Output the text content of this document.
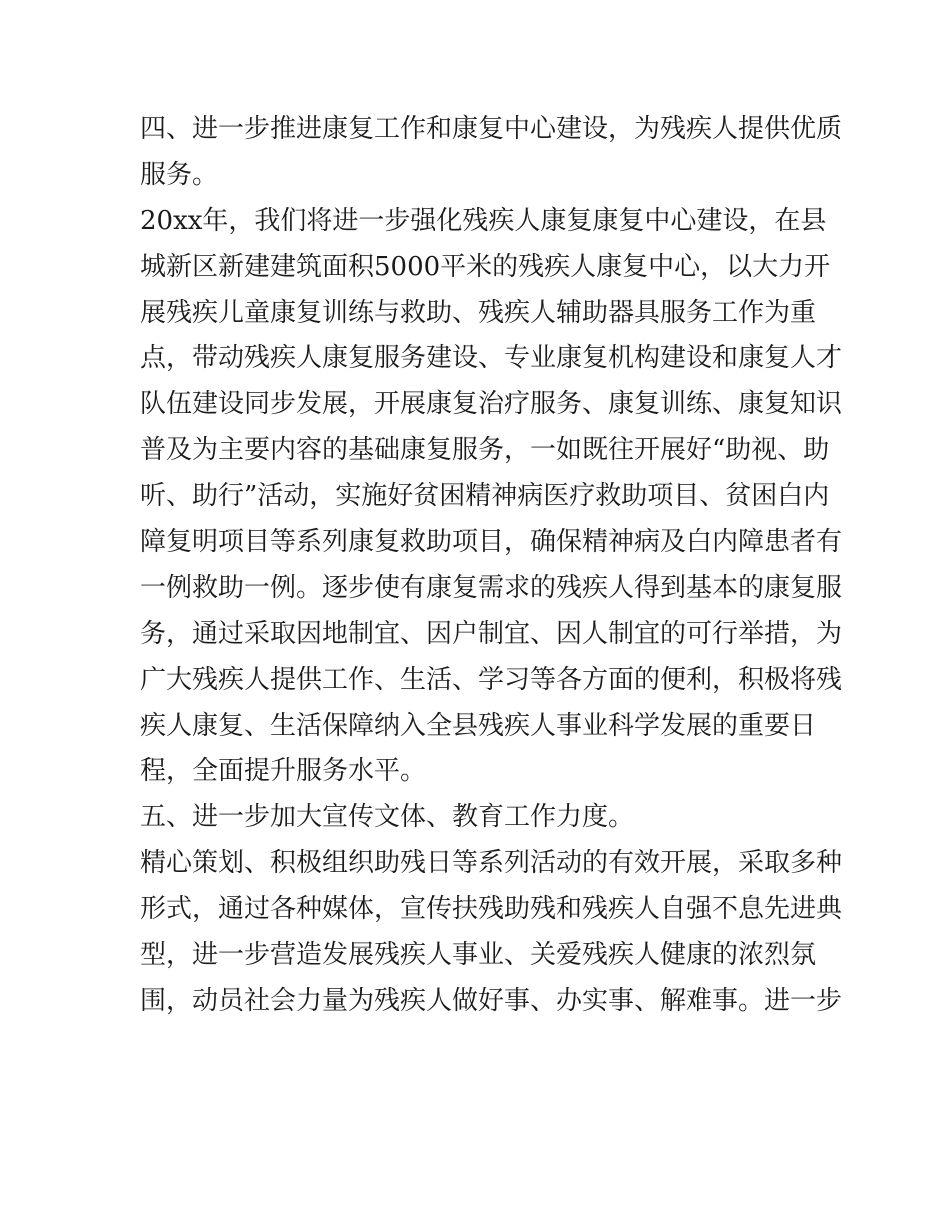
四、进一步推进康复工作和康复中心建设，为残疾人提供优质
服务。
20xx年，我们将进一步强化残疾人康复康复中心建设，在县
城新区新建建筑面积5000平米的残疾人康复中心，以大力开
展残疾儿童康复训练与救助、残疾人辅助器具服务工作为重
点，带动残疾人康复服务建设、专业康复机构建设和康复人才
队伍建设同步发展，开展康复治疗服务、康复训练、康复知识
普及为主要内容的基础康复服务，一如既往开展好“助视、助
听、助行”活动，实施好贫困精神病医疗救助项目、贫困白内
障复明项目等系列康复救助项目，确保精神病及白内障患者有
一例救助一例。逐步使有康复需求的残疾人得到基本的康复服
务，通过采取因地制宜、因户制宜、因人制宜的可行举措，为
广大残疾人提供工作、生活、学习等各方面的便利，积极将残
疾人康复、生活保障纳入全县残疾人事业科学发展的重要日
程，全面提升服务水平。
五、进一步加大宣传文体、教育工作力度。
精心策划、积极组织助残日等系列活动的有效开展，采取多种
形式，通过各种媒体，宣传扶残助残和残疾人自强不息先进典
型，进一步营造发展残疾人事业、关爱残疾人健康的浓烈氛
围，动员社会力量为残疾人做好事、办实事、解难事。进一步
